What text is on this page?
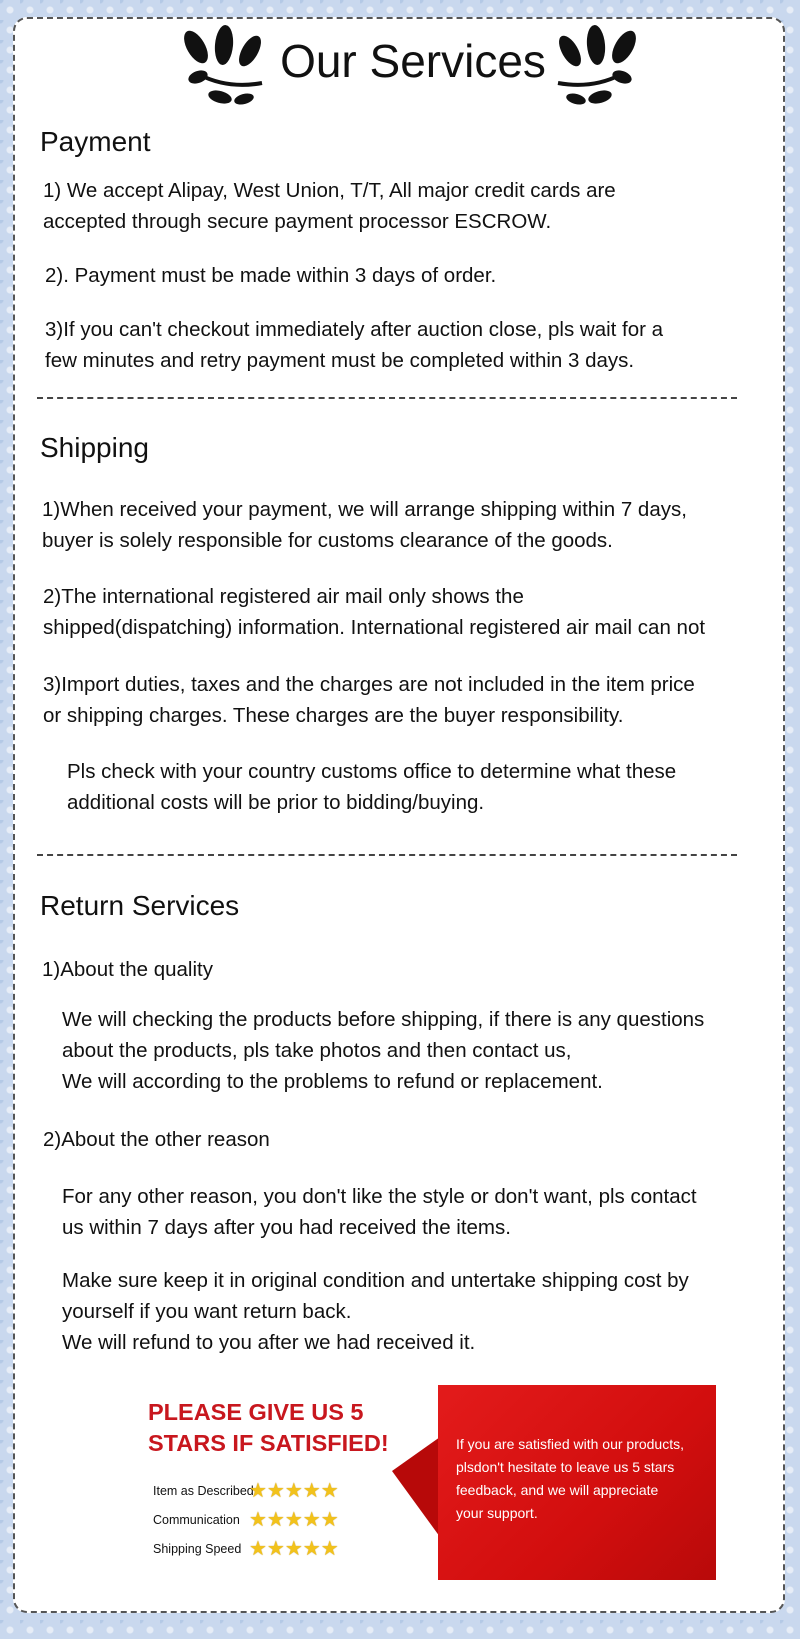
Our Services
Payment
1) We accept Alipay, West Union, T/T, All major credit cards are
accepted through secure payment processor ESCROW.
2). Payment must be made within 3 days of order.
3)If you can't checkout immediately after auction close, pls wait for a
few minutes and retry payment must be completed within 3 days.
Shipping
1)When received your payment, we will arrange shipping within 7 days,
buyer is solely responsible for customs clearance of the goods.
2)The international registered air mail only shows the
shipped(dispatching) information. International registered air mail can not
3)Import duties, taxes and the charges are not included in the item price
or shipping charges. These charges are the buyer responsibility.
Pls check with your country customs office to determine what these
additional costs will be prior to bidding/buying.
Return Services
1)About the quality
We will checking the products before shipping, if there is any questions
about the products, pls take photos and then contact us,
We will according to the problems to refund or replacement.
2)About the other reason
For any other reason, you don't like the style or don't want, pls contact
us within 7 days after you had received the items.
Make sure keep it in original condition and untertake shipping cost by
yourself if you want return back.
We will refund to you after we had received it.
PLEASE GIVE US 5
STARS IF SATISFIED!
Item as Described
★★★★★
Communication ★★★★★
Shipping Speed ★★★★★
If you are satisfied with our products,
plsdon't hesitate to leave us 5 stars
feedback, and we will appreciate
your support.
